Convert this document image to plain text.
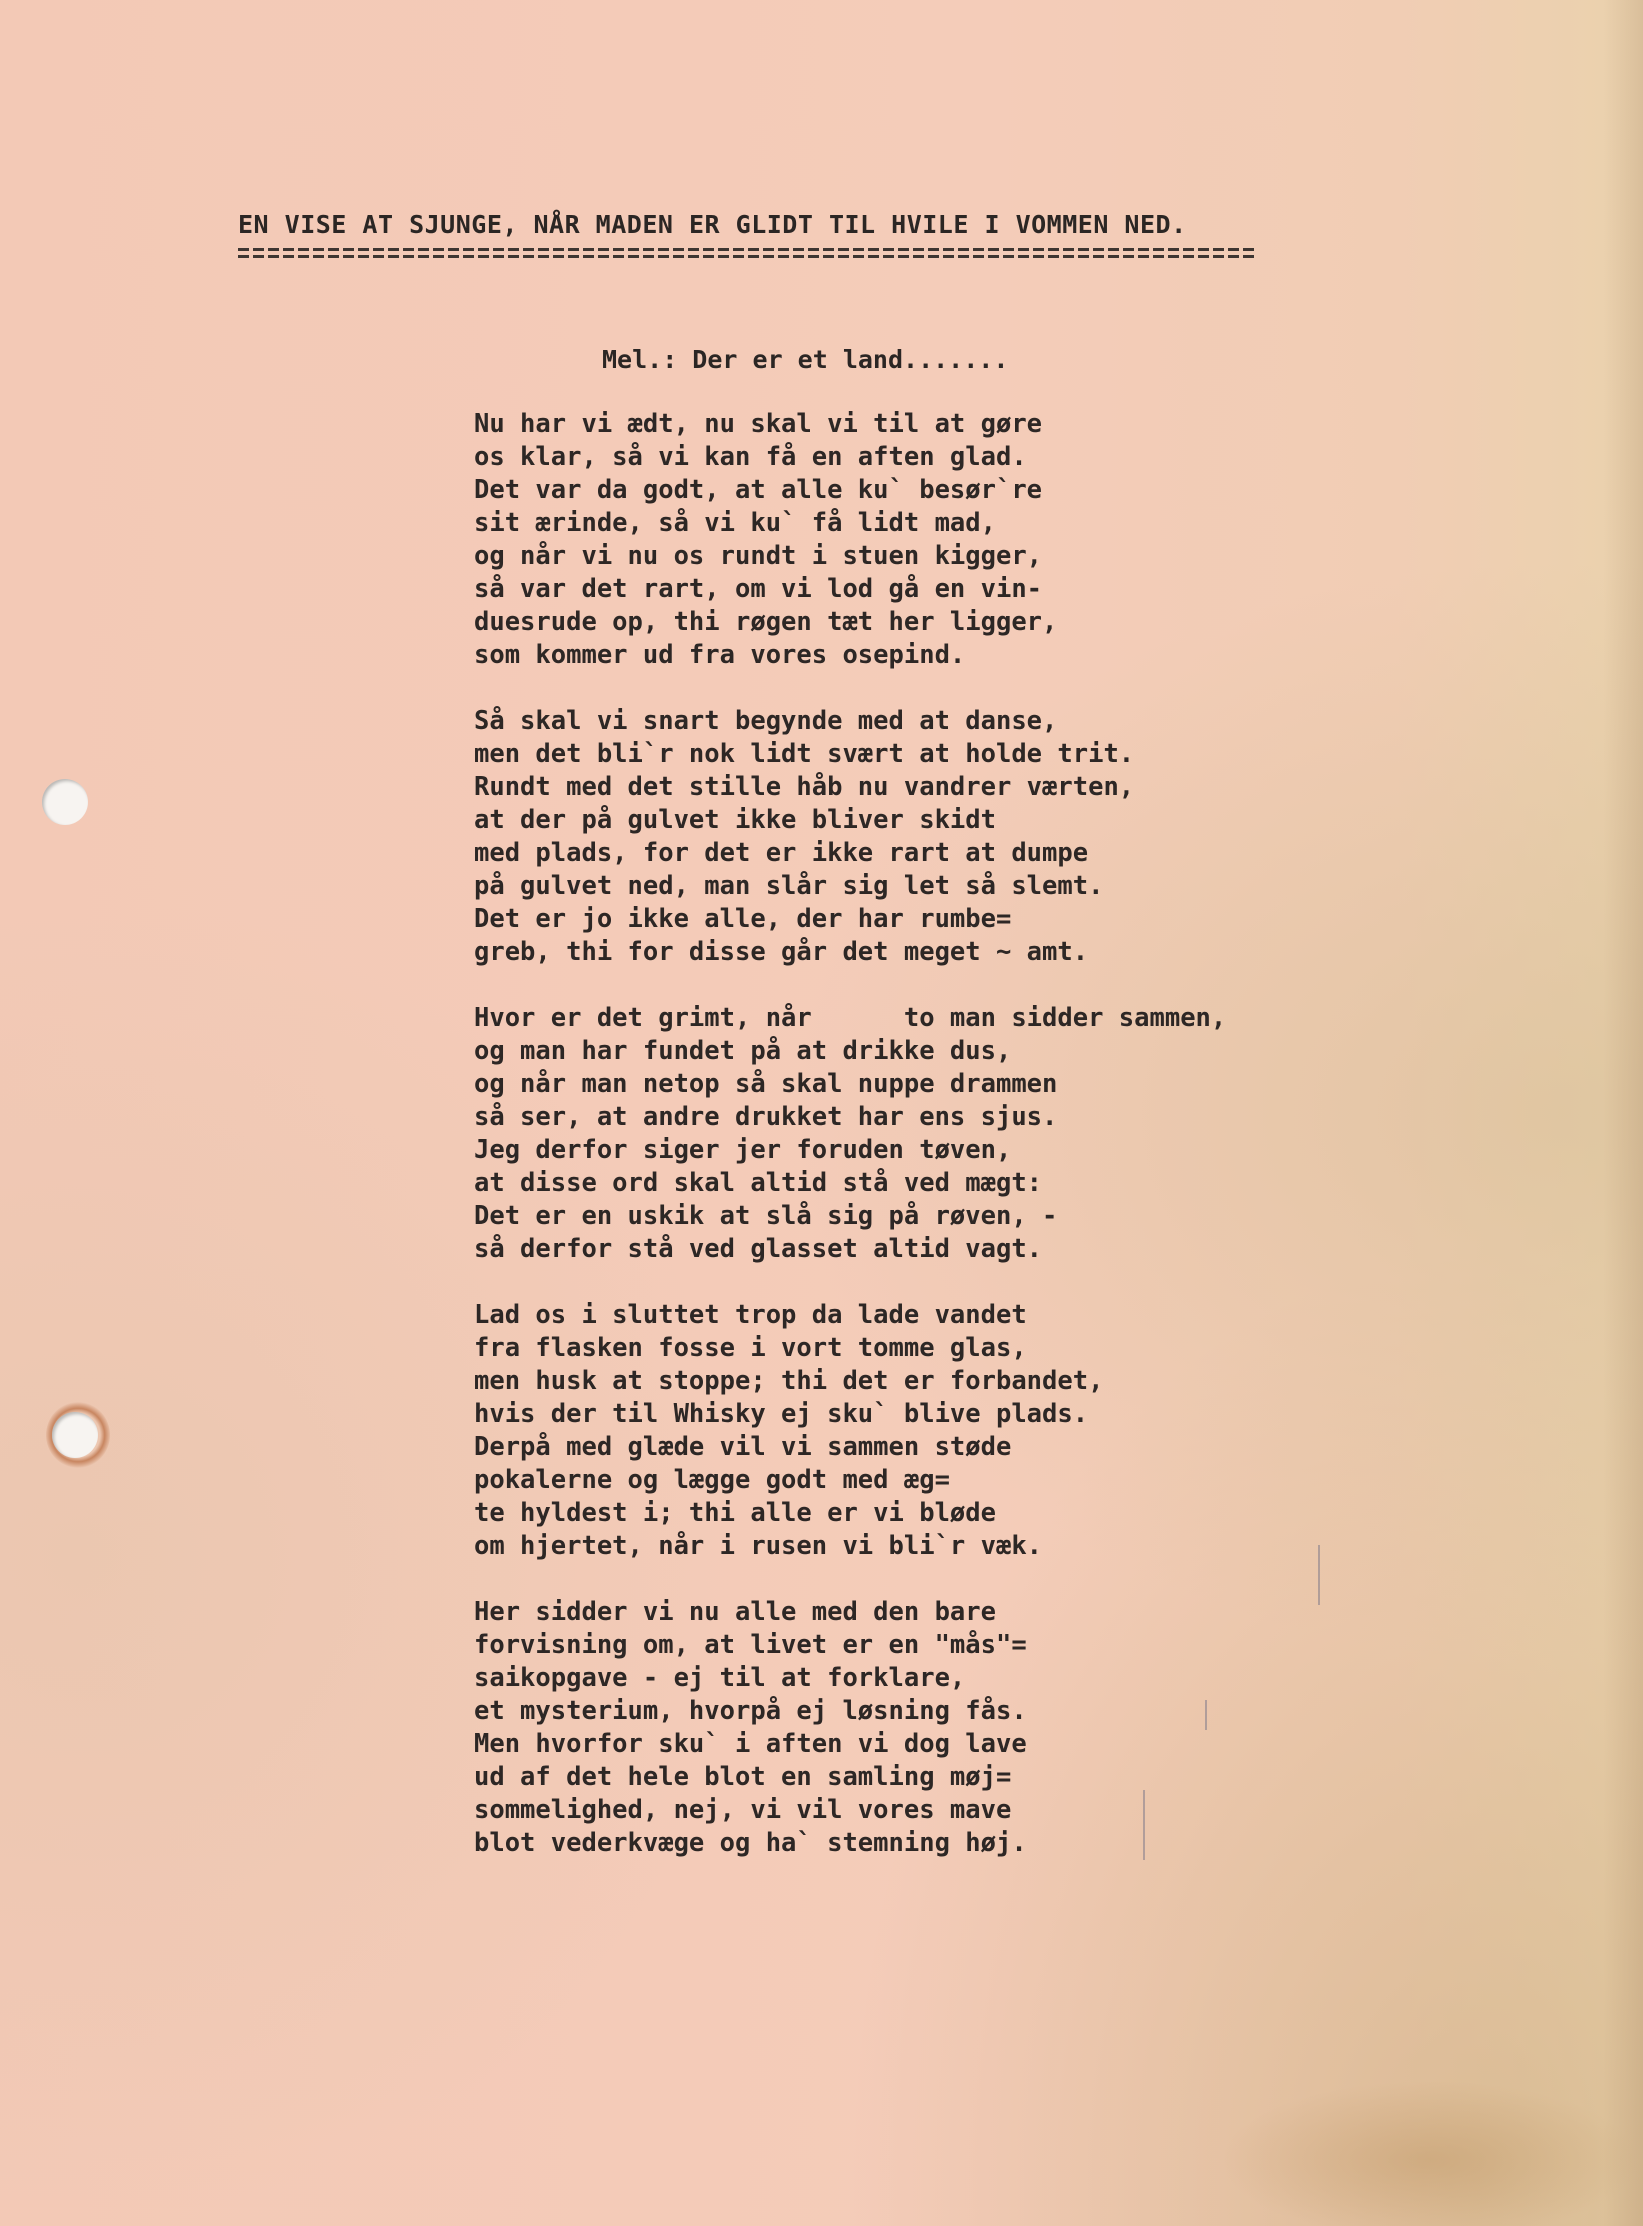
EN VISE AT SJUNGE, NÅR MADEN ER GLIDT TIL HVILE I VOMMEN NED.
Mel.: Der er et land.......
Nu har vi ædt, nu skal vi til at gøre
os klar, så vi kan få en aften glad.
Det var da godt, at alle ku` besør`re
sit ærinde, så vi ku` få lidt mad,
og når vi nu os rundt i stuen kigger,
så var det rart, om vi lod gå en vin-
duesrude op, thi røgen tæt her ligger,
som kommer ud fra vores osepind.
Så skal vi snart begynde med at danse,
men det bli`r nok lidt svært at holde trit.
Rundt med det stille håb nu vandrer værten,
at der på gulvet ikke bliver skidt
med plads, for det er ikke rart at dumpe
på gulvet ned, man slår sig let så slemt.
Det er jo ikke alle, der har rumbe=
greb, thi for disse går det meget ~ amt.
Hvor er det grimt, når      to man sidder sammen,
og man har fundet på at drikke dus,
og når man netop så skal nuppe drammen
så ser, at andre drukket har ens sjus.
Jeg derfor siger jer foruden tøven,
at disse ord skal altid stå ved mægt:
Det er en uskik at slå sig på røven, -
så derfor stå ved glasset altid vagt.
Lad os i sluttet trop da lade vandet
fra flasken fosse i vort tomme glas,
men husk at stoppe; thi det er forbandet,
hvis der til Whisky ej sku` blive plads.
Derpå med glæde vil vi sammen støde
pokalerne og lægge godt med æg=
te hyldest i; thi alle er vi bløde
om hjertet, når i rusen vi bli`r væk.
Her sidder vi nu alle med den bare
forvisning om, at livet er en "mås"=
saikopgave - ej til at forklare,
et mysterium, hvorpå ej løsning fås.
Men hvorfor sku` i aften vi dog lave
ud af det hele blot en samling møj=
sommelighed, nej, vi vil vores mave
blot vederkvæge og ha` stemning høj.
